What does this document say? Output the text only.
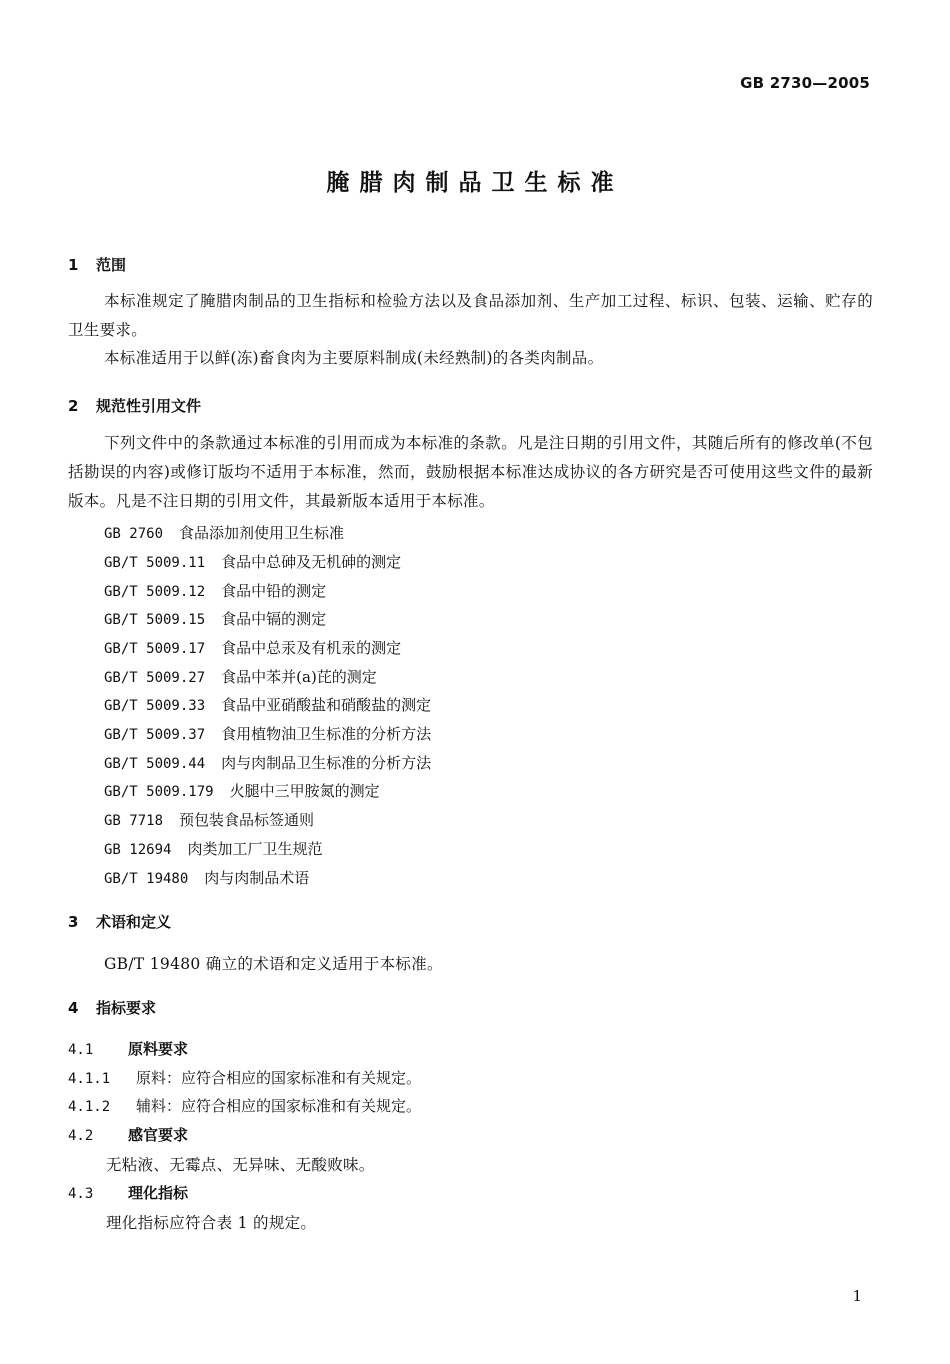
GB 2730—2005
腌腊肉制品卫生标准
1 范围
本标准规定了腌腊肉制品的卫生指标和检验方法以及食品添加剂、生产加工过程、标识、包装、运输、贮存的卫生要求。
本标准适用于以鲜(冻)畜食肉为主要原料制成(未经熟制)的各类肉制品。
2 规范性引用文件
下列文件中的条款通过本标准的引用而成为本标准的条款。凡是注日期的引用文件，其随后所有的修改单(不包括勘误的内容)或修订版均不适用于本标准，然而，鼓励根据本标准达成协议的各方研究是否可使用这些文件的最新版本。凡是不注日期的引用文件，其最新版本适用于本标准。
GB 2760 食品添加剂使用卫生标准
GB/T 5009.11 食品中总砷及无机砷的测定
GB/T 5009.12 食品中铅的测定
GB/T 5009.15 食品中镉的测定
GB/T 5009.17 食品中总汞及有机汞的测定
GB/T 5009.27 食品中苯并(a)芘的测定
GB/T 5009.33 食品中亚硝酸盐和硝酸盐的测定
GB/T 5009.37 食用植物油卫生标准的分析方法
GB/T 5009.44 肉与肉制品卫生标准的分析方法
GB/T 5009.179 火腿中三甲胺氮的测定
GB 7718 预包装食品标签通则
GB 12694 肉类加工厂卫生规范
GB/T 19480 肉与肉制品术语
3 术语和定义
GB/T 19480 确立的术语和定义适用于本标准。
4 指标要求
4.1 原料要求
4.1.1 原料：应符合相应的国家标准和有关规定。
4.1.2 辅料：应符合相应的国家标准和有关规定。
4.2 感官要求
无粘液、无霉点、无异味、无酸败味。
4.3 理化指标
理化指标应符合表 1 的规定。
1
